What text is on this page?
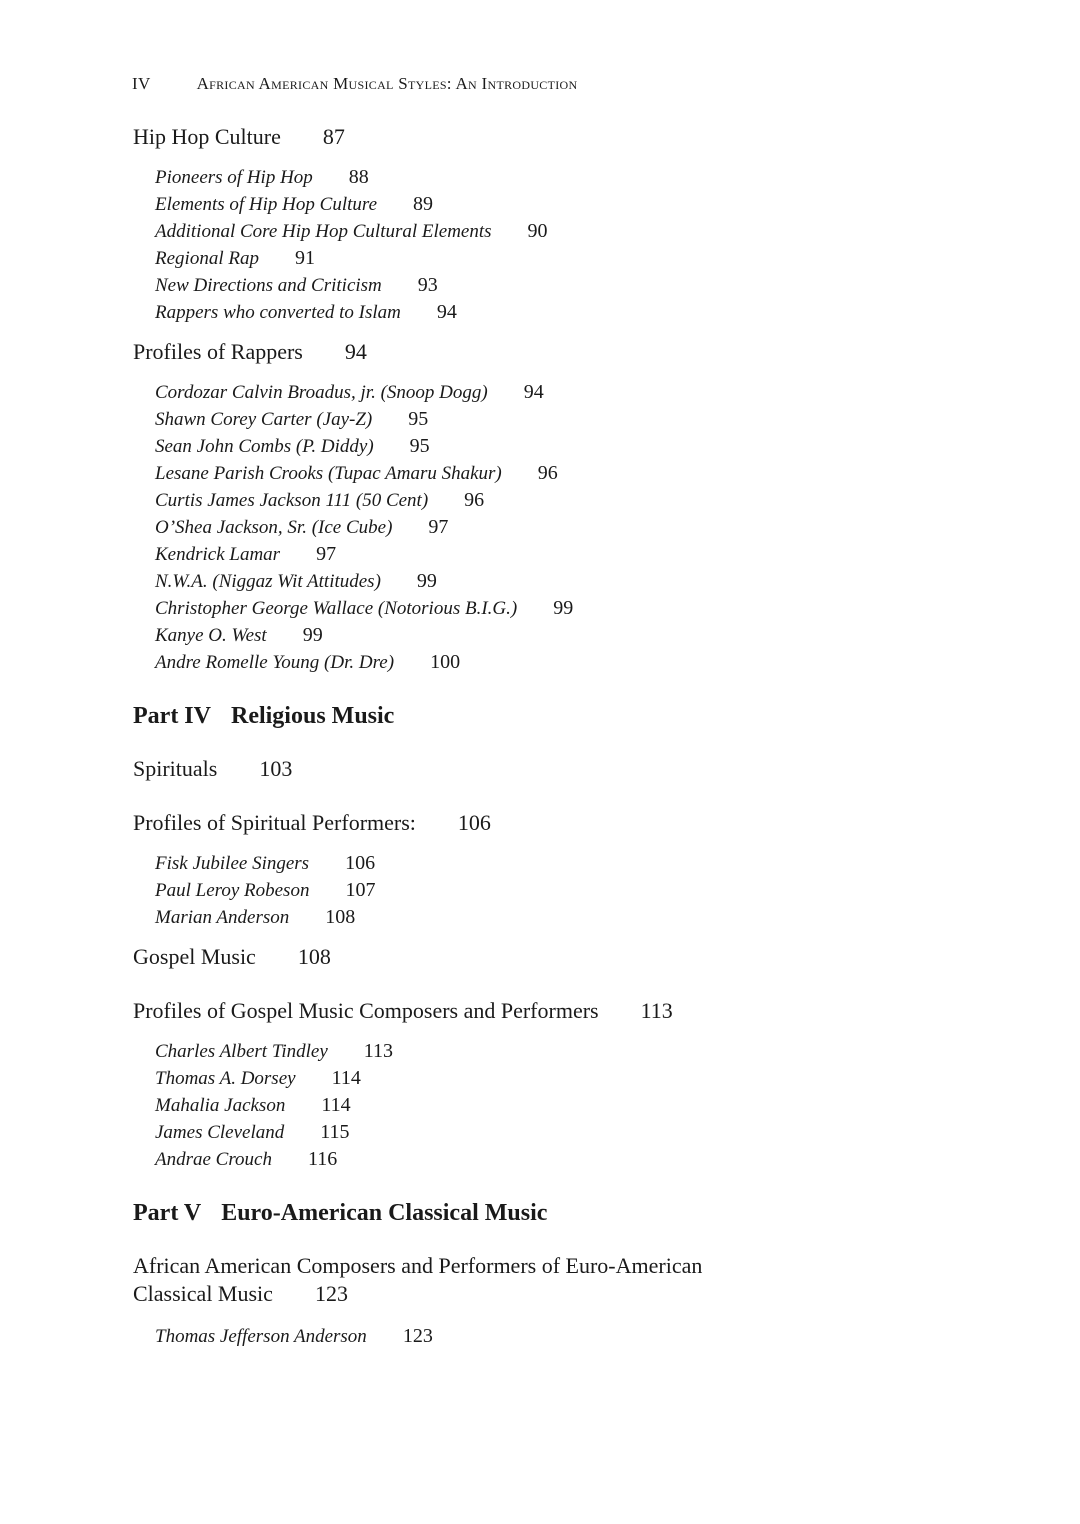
IV	African American Musical Styles: An Introduction
Hip Hop Culture 87
Pioneers of Hip Hop 88
Elements of Hip Hop Culture 89
Additional Core Hip Hop Cultural Elements 90
Regional Rap 91
New Directions and Criticism 93
Rappers who converted to Islam 94
Profiles of Rappers 94
Cordozar Calvin Broadus, jr. (Snoop Dogg) 94
Shawn Corey Carter (Jay-Z) 95
Sean John Combs (P. Diddy) 95
Lesane Parish Crooks (Tupac Amaru Shakur) 96
Curtis James Jackson 111 (50 Cent) 96
O’Shea Jackson, Sr. (Ice Cube) 97
Kendrick Lamar 97
N.W.A. (Niggaz Wit Attitudes) 99
Christopher George Wallace (Notorious B.I.G.) 99
Kanye O. West 99
Andre Romelle Young (Dr. Dre) 100
Part IV Religious Music
Spirituals 103
Profiles of Spiritual Performers: 106
Fisk Jubilee Singers 106
Paul Leroy Robeson 107
Marian Anderson 108
Gospel Music 108
Profiles of Gospel Music Composers and Performers 113
Charles Albert Tindley 113
Thomas A. Dorsey 114
Mahalia Jackson 114
James Cleveland 115
Andrae Crouch 116
Part V Euro-American Classical Music
African American Composers and Performers of Euro-American
Classical Music 123
Thomas Jefferson Anderson 123
